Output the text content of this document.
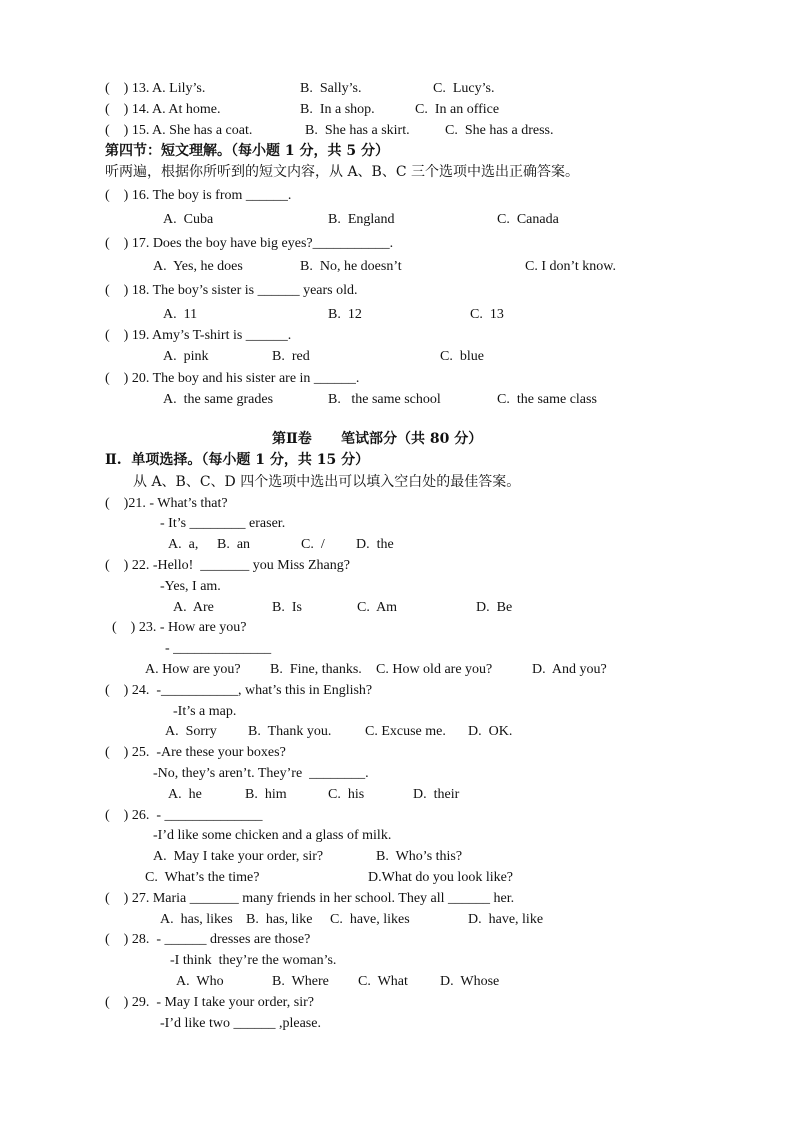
(    ) 13. A. Lily’s.	B.  Sally’s.	C.  Lucy’s.
(    ) 14. A. At home.	B.  In a shop.	C.  In an office
(    ) 15. A. She has a coat.	B.  She has a skirt.	C.  She has a dress.
第四节：短文理解。（每小题 1 分，共 5 分）
听两遍，根据你所听到的短文内容，从 A、B、C 三个选项中选出正确答案。
(    ) 16. The boy is from ______.
A.  Cuba	B.  England	C.  Canada
(    ) 17. Does the boy have big eyes?___________.
A.  Yes, he does	B.  No, he doesn’t	C. I don’t know.
(    ) 18. The boy’s sister is ______ years old.
A.  11	B.  12	C.  13
(    ) 19. Amy’s T-shirt is ______.
A.  pink	B.  red	C.  blue
(    ) 20. The boy and his sister are in ______.
A.  the same grades	B.   the same school	C.  the same class
第Ⅱ卷      笔试部分（共 80 分）
Ⅱ.  单项选择。（每小题 1 分，共 15 分）
从 A、B、C、D 四个选项中选出可以填入空白处的最佳答案。
(    )21. - What’s that?
- It’s ________ eraser.
A.  a, B.  an	C.  / D.  the
(    ) 22. -Hello!  _______ you Miss Zhang?
-Yes, I am.
A.  Are	B.  Is	C.  Am	D.  Be
(    ) 23. - How are you?
- ______________
A. How are you? B.  Fine, thanks. C. How old are you?	D.  And you?
(    ) 24.  -___________, what’s this in English?
-It’s a map.
A.  Sorry B.  Thank you. C. Excuse me. D.  OK.
(    ) 25.  -Are these your boxes?
-No, they’s aren’t. They’re  ________.
A.  he	B.  him	C.  his	D.  their
(    ) 26.  - ______________
-I’d like some chicken and a glass of milk.
A.  May I take your order, sir?	B.  Who’s this?
C.  What’s the time?	D.What do you look like?
(    ) 27. Maria _______ many friends in her school. They all ______ her.
A.  has, likes B.  has, like C.  have, likes	D.  have, like
(    ) 28.  - ______ dresses are those?
-I think  they’re the woman’s.
A.  Who	B.  Where C.  What D.  Whose
(    ) 29.  - May I take your order, sir?
-I’d like two ______ ,please.
